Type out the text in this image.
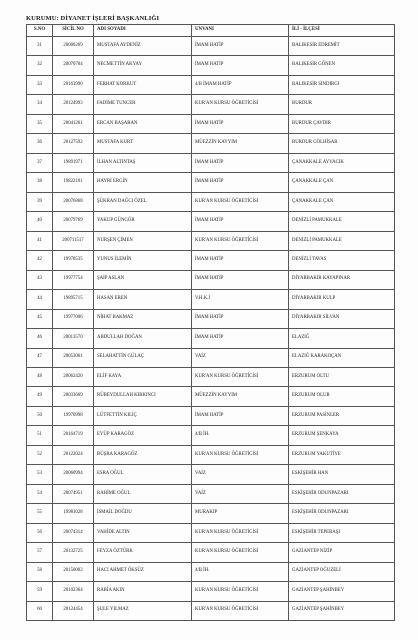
KURUMU: DİYANET İŞLERİ BAŞKANLIĞI
S.NO	SİCİL NO	ADI SOYADI	UNVANI	İLİ - İLÇESİ
31	20000269	MUSTAFA AYDENİZ	İMAM HATİP	BALIKESİR EDREMİT
32	20070704	NECMETTİN AKYAY	İMAM HATİP	BALIKESİR GÖNEN
33	20163990	FERHAT KORKUT	4/B İMAM HATİP	BALIKESİR SINDIRGI
34	20124993	FADİME TUNCER	KUR'AN KURSU ÖĞRETİCİSİ	BURDUR
35	20041261	ERCAN BAŞARAN	İMAM HATİP	BURDUR ÇAVDIR
36	20127592	MUSTAFA KURT	MÜEZZİN KAYYIM	BURDUR GÖLHİSAR
37	19891971	İLHAN ALTINTAŞ	İMAM HATİP	ÇANAKKALE AYVACIK
38	19822101	HAYRİ ERGİN	İMAM HATİP	ÇANAKKALE ÇAN
39	20076868	ŞÜKRAN DAĞCI ÖZEL	KUR'AN KURSU ÖĞRETİCİSİ	ÇANAKKALE ÇAN
40	20079769	YAKUP GÜNGÖR	İMAM HATİP	DENİZLİ PAMUKKALE
41	200711517	NURŞEN ÇİMEN	KUR'AN KURSU ÖĞRETİCİSİ	DENİZLİ PAMUKKALE
42	19978535	YUNUS İLEMİN	İMAM HATİP	DENİZLİ TAVAS
43	19977754	ŞAİP ASLAN	İMAM HATİP	DİYARBAKIR KAYAPINAR
44	19895715	HASAN EREN	V.H.K.İ	DİYARBAKIR KULP
45	19977006	NİHAT BAKMAZ	İMAM HATİP	DİYARBAKIR SİLVAN
46	20013570	ABDULLAH DOĞAN	İMAM HATİP	ELAZIĞ
47	20053061	SELAHATTİN GÜLAÇ	VAİZ	ELAZIĞ KARAKOÇAN
48	20062420	ELİF KAYA	KUR'AN KURSU ÖĞRETİCİSİ	ERZURUM OLTU
49	20033669	RÜBEYDULLAH KIRKINCI	MÜEZZİN KAYYIM	ERZURUM OLUR
50	19970998	LÜTFETTİN KILIÇ	İMAM HATİP	ERZURUM PASİNLER
51	20164719	EYÜP KARAGÖZ	4/B İH.	ERZURUM ŞENKAYA
52	20122024	BÜŞRA KARAGÖZ	KUR'AN KURSU ÖĞRETİCİSİ	ERZURUM YAKUTİYE
53	20060994	ESRA OĞUL	VAİZ	ESKİŞEHİR HAN
54	20074951	RAHİME OĞUL	VAİZ	ESKİŞEHİR ODUNPAZARI
55	19981028	İSMAİL DOĞDU	MURAKIP	ESKİŞEHİR ODUNPAZARI
56	20074314	VAHİDE ALTIN	KUR'AN KURSU ÖĞRETİCİSİ	ESKİŞEHİR TEPEBAŞI
57	20132725	FEYZA ÖZTÜRK	KUR'AN KURSU ÖĞRETİCİSİ	GAZİANTEP NİZİP
58	20150002	HACI AHMET ÖKSÜZ	4/B İH.	GAZİANTEP OĞUZELİ
59	20102364	RABİA AKIN	KUR'AN KURSU ÖĞRETİCİSİ	GAZİANTEP ŞAHİNBEY
60	20124454	ŞULE YILMAZ	KUR'AN KURSU ÖĞRETİCİSİ	GAZİANTEP ŞAHİNBEY
